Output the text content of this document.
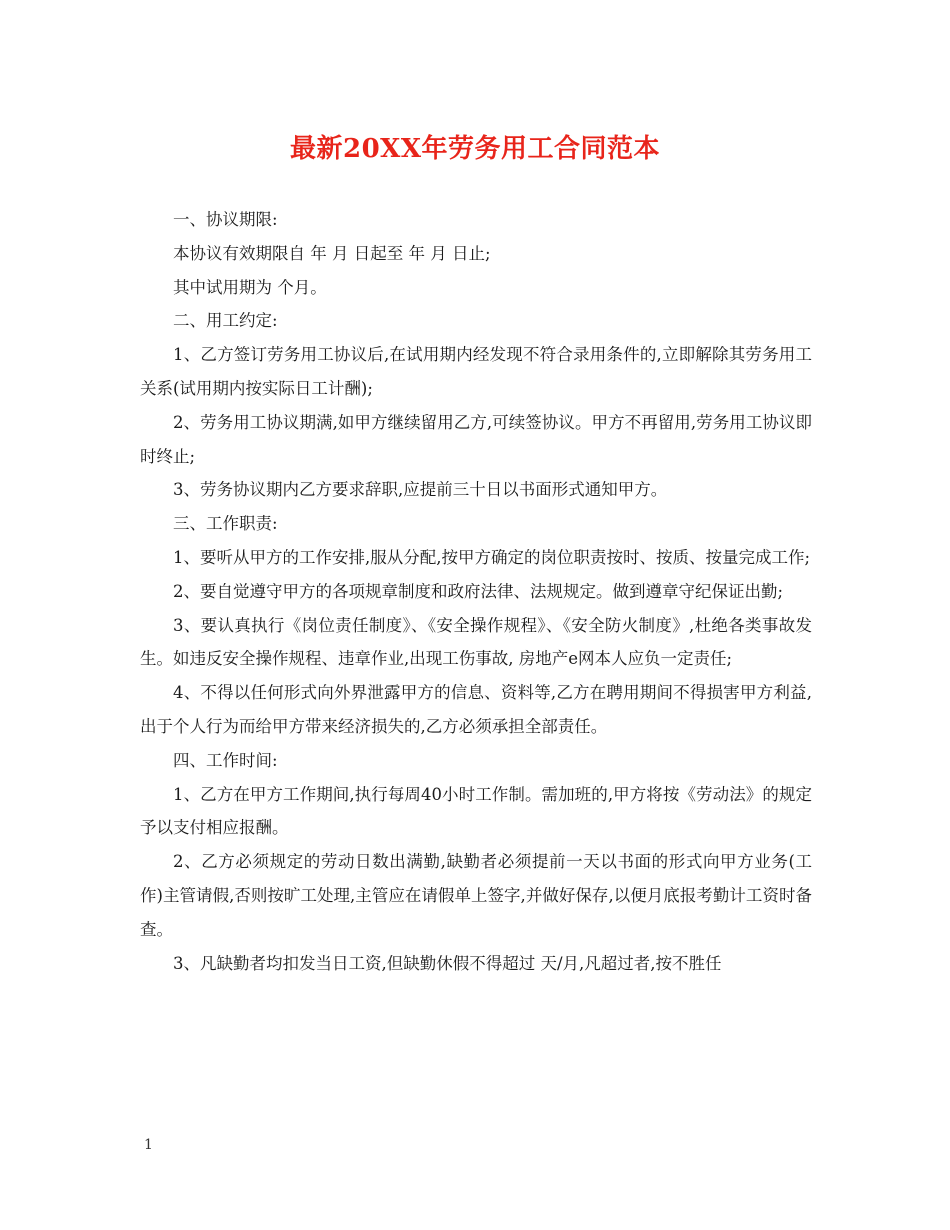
最新20XX年劳务用工合同范本

一、协议期限:

本协议有效期限自 年 月 日起至 年 月 日止;

其中试用期为 个月。

二、用工约定:

1、乙方签订劳务用工协议后,在试用期内经发现不符合录用条件的,立即解除其劳务用工关系(试用期内按实际日工计酬);

2、劳务用工协议期满,如甲方继续留用乙方,可续签协议。甲方不再留用,劳务用工协议即时终止;

3、劳务协议期内乙方要求辞职,应提前三十日以书面形式通知甲方。

三、工作职责:

1、要听从甲方的工作安排,服从分配,按甲方确定的岗位职责按时、按质、按量完成工作;

2、要自觉遵守甲方的各项规章制度和政府法律、法规规定。做到遵章守纪保证出勤;

3、要认真执行《岗位责任制度》、《安全操作规程》、《安全防火制度》,杜绝各类事故发生。如违反安全操作规程、违章作业,出现工伤事故, 房地产e网本人应负一定责任;

4、不得以任何形式向外界泄露甲方的信息、资料等,乙方在聘用期间不得损害甲方利益,出于个人行为而给甲方带来经济损失的,乙方必须承担全部责任。

四、工作时间:

1、乙方在甲方工作期间,执行每周40小时工作制。需加班的,甲方将按《劳动法》的规定予以支付相应报酬。

2、乙方必须规定的劳动日数出满勤,缺勤者必须提前一天以书面的形式向甲方业务(工作)主管请假,否则按旷工处理,主管应在请假单上签字,并做好保存,以便月底报考勤计工资时备查。

3、凡缺勤者均扣发当日工资,但缺勤休假不得超过 天/月,凡超过者,按不胜任

1
